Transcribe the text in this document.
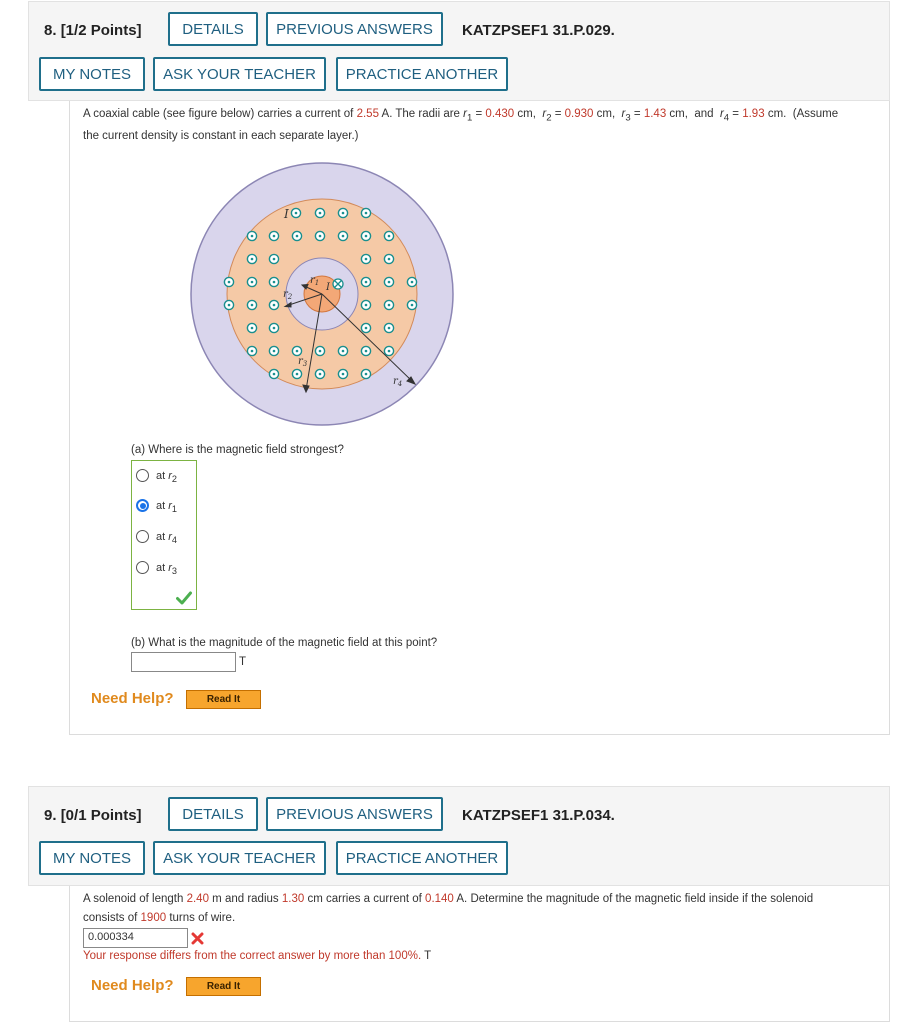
8. [1/2 Points]	DETAILS	PREVIOUS ANSWERS	KATZPSEF1 31.P.029.
MY NOTES	ASK YOUR TEACHER	PRACTICE ANOTHER
A coaxial cable (see figure below) carries a current of 2.55 A. The radii are $r_1 = 0.430$ cm,  $r_2 = 0.930$ cm,  $r_3 = 1.43$ cm,  and $r_4 = 1.93$ cm.  (Assume
the current density is constant in each separate layer.)
I
$r_1$
$r_2$
$r_3$
$r_4$
I
(a) Where is the magnetic field strongest?
at $r_2$
at $r_1$
at $r_4$
at $r_3$
(b) What is the magnitude of the magnetic field at this point?
T
Need Help?	Read It
9. [0/1 Points]	DETAILS	PREVIOUS ANSWERS	KATZPSEF1 31.P.034.
MY NOTES	ASK YOUR TEACHER	PRACTICE ANOTHER
A solenoid of length 2.40 m and radius 1.30 cm carries a current of 0.140 A. Determine the magnitude of the magnetic field inside if the solenoid
consists of 1900 turns of wire.
0.000334
Your response differs from the correct answer by more than 100%. T
Need Help?	Read It
